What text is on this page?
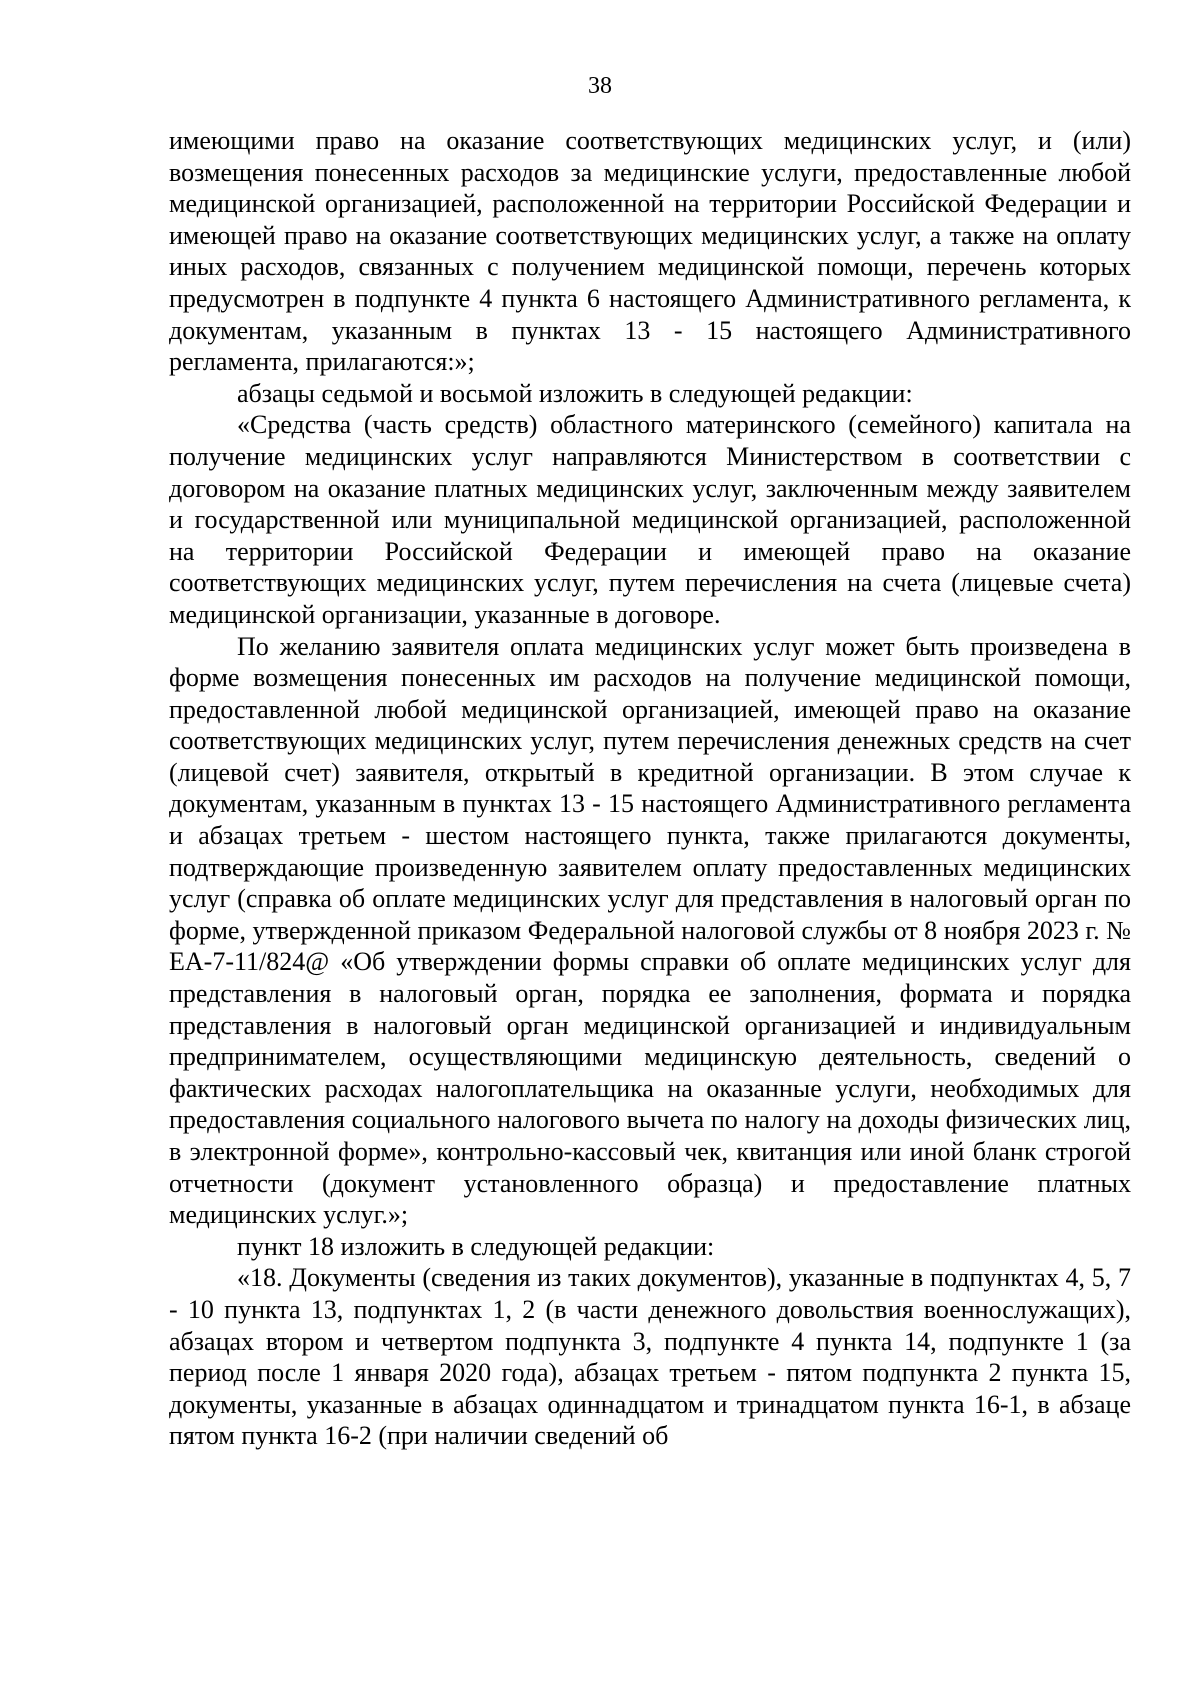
38

имеющими право на оказание соответствующих медицинских услуг, и (или) возмещения понесенных расходов за медицинские услуги, предоставленные любой медицинской организацией, расположенной на территории Российской Федерации и имеющей право на оказание соответствующих медицинских услуг, а также на оплату иных расходов, связанных с получением медицинской помощи, перечень которых предусмотрен в подпункте 4 пункта 6 настоящего Административного регламента, к документам, указанным в пунктах 13 - 15 настоящего Административного регламента, прилагаются:»;

абзацы седьмой и восьмой изложить в следующей редакции:

«Средства (часть средств) областного материнского (семейного) капитала на получение медицинских услуг направляются Министерством в соответствии с договором на оказание платных медицинских услуг, заключенным между заявителем и государственной или муниципальной медицинской организацией, расположенной на территории Российской Федерации и имеющей право на оказание соответствующих медицинских услуг, путем перечисления на счета (лицевые счета) медицинской организации, указанные в договоре.

По желанию заявителя оплата медицинских услуг может быть произведена в форме возмещения понесенных им расходов на получение медицинской помощи, предоставленной любой медицинской организацией, имеющей право на оказание соответствующих медицинских услуг, путем перечисления денежных средств на счет (лицевой счет) заявителя, открытый в кредитной организации. В этом случае к документам, указанным в пунктах 13 - 15 настоящего Административного регламента и абзацах третьем - шестом настоящего пункта, также прилагаются документы, подтверждающие произведенную заявителем оплату предоставленных медицинских услуг (справка об оплате медицинских услуг для представления в налоговый орган по форме, утвержденной приказом Федеральной налоговой службы от 8 ноября 2023 г. № ЕА-7-11/824@ «Об утверждении формы справки об оплате медицинских услуг для представления в налоговый орган, порядка ее заполнения, формата и порядка представления в налоговый орган медицинской организацией и индивидуальным предпринимателем, осуществляющими медицинскую деятельность, сведений о фактических расходах налогоплательщика на оказанные услуги, необходимых для предоставления социального налогового вычета по налогу на доходы физических лиц, в электронной форме», контрольно-кассовый чек, квитанция или иной бланк строгой отчетности (документ установленного образца) и предоставление платных медицинских услуг.»;

пункт 18 изложить в следующей редакции:

«18. Документы (сведения из таких документов), указанные в подпунктах 4, 5, 7 - 10 пункта 13, подпунктах 1, 2 (в части денежного довольствия военнослужащих), абзацах втором и четвертом подпункта 3, подпункте 4 пункта 14, подпункте 1 (за период после 1 января 2020 года), абзацах третьем - пятом подпункта 2 пункта 15, документы, указанные в абзацах одиннадцатом и тринадцатом пункта 16-1, в абзаце пятом пункта 16-2 (при наличии сведений об
